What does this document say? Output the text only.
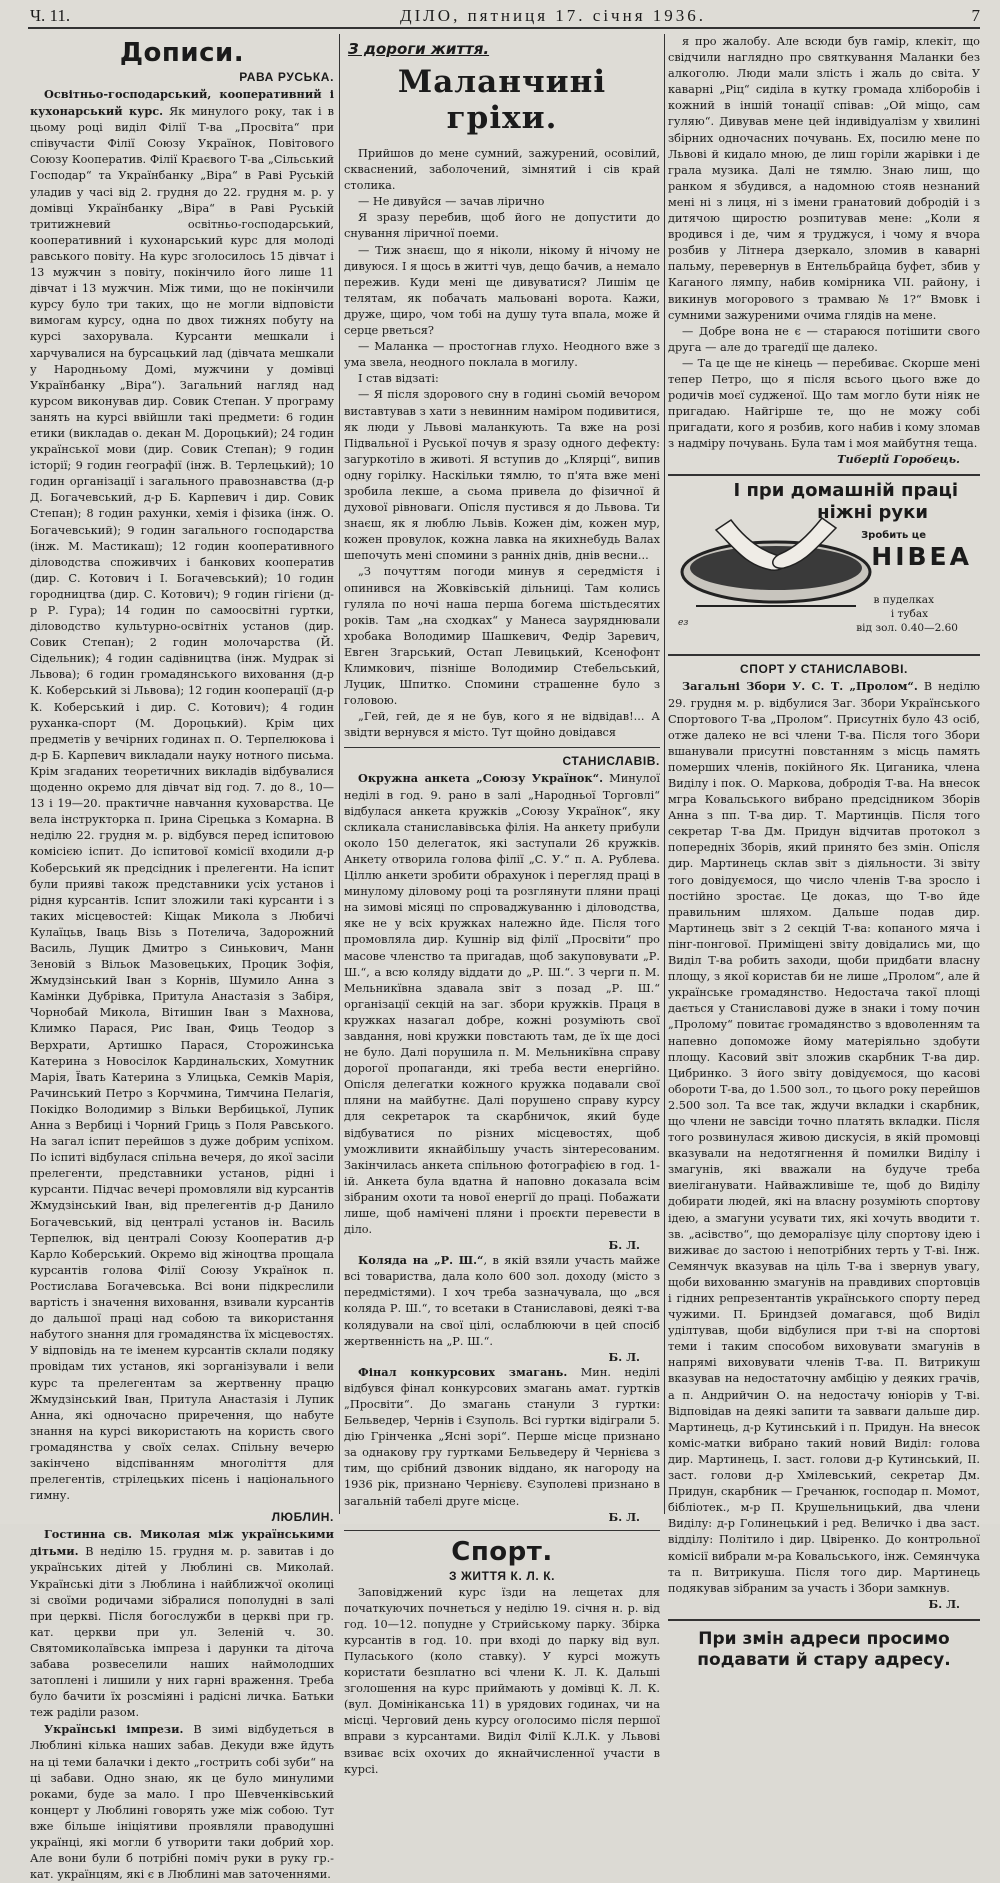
Ч. 11.	ДІЛО, пятниця 17. січня 1936.	7
Дописи.
РАВА РУСЬКА.

Освітньо-господарський, кооперативний і кухонарський курс. Як минулого року, так і в цьому році виділ Філії Т-ва „Просвіта“ при співучасти Філії Союзу Українок, Повітового Союзу Кооператив. Філії Краєвого Т-ва „Сільський Господар“ та Українбанку „Віра“ в Раві Руській уладив у часі від 2. грудня до 22. грудня м. р. у домівці Українбанку „Віра“ в Раві Руській тритижневий освітньо-господарський, кооперативний і кухонарський курс для молоді равського повіту. На курс зголосилось 15 дівчат і 13 мужчин з повіту, покінчило його лише 11 дівчат і 13 мужчин. Між тими, що не покінчили курсу було три таких, що не могли відповісти вимогам курсу, одна по двох тижнях побуту на курсі захорувала. Курсанти мешкали і харчувалися на бурсацький лад (дівчата мешкали у Народньому Домі, мужчини у домівці Українбанку „Віра“). Загальний нагляд над курсом виконував дир. Совик Степан. У програму занять на курсі ввійшли такі предмети: 6 годин етики (викладав о. декан М. Дороцький); 24 годин української мови (дир. Совик Степан); 9 годин історії; 9 годин географії (інж. В. Терлецький); 10 годин організації і загального правознавства (д-р Д. Богачевський, д-р Б. Карпевич і дир. Совик Степан); 8 годин рахунки, хемія і фізика (інж. О. Богачевський); 9 годин загального господарства (інж. М. Мастикаш); 12 годин кооперативного діловодства споживчих і банкових кооператив (дир. С. Котович і І. Богачевський); 10 годин городництва (дир. С. Котович); 9 годин гігієни (д-р Р. Гура); 14 годин по самоосвітні гуртки, діловодство культурно-освітніх установ (дир. Совик Степан); 2 годин молочарства (Й. Сідельник); 4 годин садівництва (інж. Мудрак зі Львова); 6 годин громадянського виховання (д-р К. Коберський зі Львова); 12 годин кооперації (д-р К. Коберський і дир. С. Котович); 4 годин руханка-спорт (М. Дороцький). Крім цих предметів у вечірних годинах п. О. Терпелюкова і д-р Б. Карпевич викладали науку нотного письма. Крім згаданих теоретичних викладів відбувалися щоденно окремо для дівчат від год. 7. до 8., 10—13 і 19—20. практичне навчання куховарства. Це вела інструкторка п. Ірина Сірецька з Комарна. В неділю 22. грудня м. р. відбувся перед іспитовою комісією іспит. До іспитової комісії входили д-р Коберський як предсідник і прелегенти. На іспит були прияві також представники усіх установ і рідня курсантів. Іспит зложили такі курсанти і з таких місцевостей: Кіщак Микола з Любичі Кулаїцьв, Іваць Візь з Потелича, Задорожний Василь, Лущик Дмитро з Синькович, Манн Зеновій з Вільок Мазовецьких, Процик Зофія, Жмудзінський Іван з Корнів, Шумило Анна з Камінки Дубрівка, Притула Анастазія з Забіря, Чорнобай Микола, Вітишин Іван з Махнова, Климко Парася, Рис Іван, Фиць Теодор з Верхрати, Артишко Парася, Сторожинська Катерина з Новосілок Кардинальских, Хомутник Марія, Ївать Катерина з Улицька, Семків Марія, Рачинський Петро з Корчмина, Тимчина Пелагія, Покідко Володимир з Вільки Вербицької, Лупик Анна з Вербиці і Чорний Гриць з Поля Равського. На загал іспит перейшов з дуже добрим успіхом. По іспиті відбулася спільна вечеря, до якої засіли прелегенти, представники установ, рідні і курсанти. Підчас вечері промовляли від курсантів Жмудзінський Іван, від прелегентів д-р Данило Богачевський, від централі установ ін. Василь Терпелюк, від централі Союзу Кооператив д-р Карло Коберський. Окремо від жіноцтва прощала курсантів голова Філії Союзу Українок п. Ростислава Богачевська. Всі вони підкреслили вартість і значення виховання, взивали курсантів до дальшої праці над собою та використання набутого знання для громадянства їх місцевостях. У відповідь на те іменем курсантів склали подяку провідам тих установ, які зорганізували і вели курс та прелегентам за жертвенну працю Жмудзінський Іван, Притула Анастазія і Лупик Анна, які одночасно приречення, що набуте знання на курсі використають на користь свого громадянства у своїх селах. Спільну вечерю закінчено відспіванням многоліття для прелегентів, стрілецьких пісень і національного гимну.

ЛЮБЛИН.

Гостинна св. Миколая між українськими дітьми. В неділю 15. грудня м. р. завитав і до українських дітей у Люблині св. Миколай. Українські діти з Люблина і найближчої околиці зі своїми родичами зібралися пополудні в залі при церкві. Після богослужби в церкві при гр. кат. церкви при ул. Зеленій ч. 30. Святомиколаївська імпреза і дарунки та діточа забава розвеселили наших наймолодших затоплені і лишили у них гарні враження. Треба було бачити їх розсміяні і радісні личка. Батьки теж раділи разом.

Українські імпрези. В зимі відбудеться в Люблині кілька наших забав. Декуди вже йдуть на ці теми балачки і декто „гострить собі зуби“ на ці забави. Одно знаю, як це було минулими роками, буде за мало. І про Шевченківський концерт у Люблині говорять уже між собою. Тут вже більше ініціятиви проявляли праводушні українці, які могли б утворити таки добрий хор. Але вони були б потрібні поміч руки в руку гр.-кат. українцям, які є в Люблині мав заточеннями.

З дороги життя.
Маланчині гріхи.

Прийшов до мене сумний, зажурений, осовілий, скваснений, заболочений, зімнятий і сів край столика.

— Не дивуйся — зачав лірично

Я зразу перебив, щоб його не допустити до снування ліричної поеми.

— Тиж знаєш, що я ніколи, нікому й нічому не дивуюся. І я щось в житті чув, дещо бачив, а немало пережив. Куди мені ще дивуватися? Лишім це телятам, як побачать мальовані ворота. Кажи, друже, щиро, чом тобі на душу тута впала, може й серце рветься?

— Маланка — простогнав глухо. Неодного вже з ума звела, неодного поклала в могилу.

І став відзаті:

— Я після здорового сну в годині сьомій вечором виставтував з хати з невинним наміром подивитися, як люди у Львові маланкують. Та вже на розі Підвальної і Руської почув я зразу одного дефекту: загуркотіло в животі. Я вступив до „Клярці“, випив одну горілку. Наскільки тямлю, то п'ята вже мені зробила лекше, а сьома привела до фізичної й духової рівноваги. Опісля пустився я до Львова. Ти знаєш, як я люблю Львів. Кожен дім, кожен мур, кожен провулок, кожна лавка на якихнебудь Валах шепочуть мені спомини з ранніх днів, днів весни...

„З почуттям погоди минув я середмістя і опинився на Жовківській дільниці. Там колись гуляла по ночі наша перша богема шістьдесятих років. Там „на сходках“ у Манеса зауряднювали хробака Володимир Шашкевич, Федір Заревич, Евген Згарський, Остап Левицький, Ксенофонт Климкович, пізніше Володимир Стебельський, Луцик, Шпитко. Спомини страшенне було з головою.

„Гей, гей, де я не був, кого я не відвідав!... А звідти вернувся я місто. Тут щойно довідався

СТАНИСЛАВІВ.

Окружна анкета „Союзу Українок“. Минулої неділі в год. 9. рано в залі „Народньої Торговлі“ відбулася анкета кружків „Союзу Українок“, яку скликала станиславівська філія. На анкету прибули около 150 делегаток, які заступали 26 кружків. Анкету отворила голова філії „С. У.“ п. А. Рублева. Ціллю анкети зробити обрахунок і перегляд праці в минулому діловому році та розглянути пляни праці на зимові місяці по спроваджуванню і діловодства, яке не у всіх кружках належно йде. Після того промовляла дир. Кушнір від філії „Просвіти“ про масове членство та пригадав, щоб закуповувати „Р. Ш.“, а всю коляду віддати до „Р. Ш.“. З черги п. М. Мельникївна здавала звіт з позад „Р. Ш.“ організації секцій на заг. збори кружків. Праця в кружках назагал добре, кожні розуміють свої завдання, нові кружки повстають там, де їх ще досі не було. Далі порушила п. М. Мельникївна справу дорогої пропаганди, які треба вести енергійно. Опісля делегатки кожного кружка подавали свої пляни на майбутнє. Далі порушено справу курсу для секретарок та скарбничок, який буде відбуватися по різних місцевостях, щоб уможливити якнайбільшу участь зінтересованим. Закінчилась анкета спільною фотографією в год. 1-ій. Анкета була вдатна й наповно доказала всім зібраним охоти та нової енергії до праці. Побажати лише, щоб намічені пляни і проєкти перевести в діло.

Б. Л.

Коляда на „Р. Ш.“, в якій взяли участь майже всі товариства, дала коло 600 зол. доходу (місто з передмістями). І хоч треба зазначувала, що „вся коляда Р. Ш.“, то всетаки в Станиславові, деякі т-ва колядували на свої цілі, ослаблюючи в цей спосіб жертвенність на „Р. Ш.“.

Б. Л.

Фінал конкурсових змагань. Мин. неділі відбувся фінал конкурсових змагань амат. гуртків „Просвіти“. До змагань станули 3 гуртки: Бельведер, Чернів і Єзуполь. Всі гуртки відіграли 5. дію Грінченка „Ясні зорі“. Перше місце признано за однакову гру гуртками Бельведеру й Чернієва з тим, що срібний дзвоник віддано, як нагороду на 1936 рік, признано Чернієву. Єзуполеві признано в загальній табелі друге місце.

Б. Л.

Спорт.
З ЖИТТЯ К. Л. К.

Заповіджений курс їзди на лещетах для початкуючих почнеться у неділю 19. січня н. р. від год. 10—12. попудне у Стрийському парку. Збірка курсантів в год. 10. при вході до парку від вул. Пуласького (коло ставку). У курсі можуть користати безплатно всі члени К. Л. К. Дальші зголошення на курс приймають у домівці К. Л. К. (вул. Домініканська 11) в урядових годинах, чи на місці. Черговий день курсу оголосимо після першої вправи з курсантами. Виділ Філії К.Л.К. у Львові взиває всіх охочих до якнайчисленної участи в курсі.

я про жалобу. Але всюди був гамір, клекіт, що свідчили наглядно про святкування Маланки без алкоголю. Люди мали злість і жаль до світа. У каварні „Ріц“ сиділа в кутку громада хліборобів і кожний в іншій тонації співав: „Ой міщо, сам гуляю“. Дивував мене цей індивідуалізм у хвилині збірних одночасних почувань. Ех, посилю мене по Львові й кидало мною, де лиш горіли жарівки і де грала музика. Далі не тямлю. Знаю лиш, що ранком я збудився, а надомною стояв незнаний мені ні з лиця, ні з імени гранатовий добродій і з дитячою щиростю розпитував мене: „Коли я вродився і де, чим я труджуся, і чому я вчора розбив у Літнера дзеркало, зломив в каварні пальму, перевернув в Ентельбрайца буфет, збив у Каганого лямпу, набив комірника VII. району, і викинув могорового з трамваю № 1?“ Вмовк і сумними зажуреними очима глядів на мене.

— Добре вона не є — стараюся потішити свого друга — але до трагедії ще далеко.

— Та це ще не кінець — перебиває. Скорше мені тепер Петро, що я після всього цього вже до родичів моєї судженої. Що там могло бути ніяк не пригадаю. Найгірше те, що не можу собі пригадати, кого я розбив, кого набив і кому зломав з надміру почувань. Була там і моя майбутня теща.

Тиберій Горобець.

І при домашній праці
ніжні руки
Зробить це
НІВЕА
в пуделках
і тубах
від зол. 0.40—2.60
ез
СПОРТ У СТАНИСЛАВОВІ.

Загальні Збори У. С. Т. „Пролом“. В неділю 29. грудня м. р. відбулися Заг. Збори Українського Спортового Т-ва „Пролом“. Присутніх було 43 осіб, отже далеко не всі члени Т-ва. Після того Збори вшанували присутні повстанням з місць память померших членів, покійного Як. Циганика, члена Виділу і пок. О. Маркова, добродія Т-ва. На внесок мгра Ковальського вибрано предсідником Зборів Анна з пп. Т-ва дир. Т. Мартинців. Після того секретар Т-ва Дм. Придун відчитав протокол з попередніх Зборів, який принято без змін. Опісля дир. Мартинець склав звіт з діяльности. Зі звіту того довідуємося, що число членів Т-ва зросло і постійно зростає. Це доказ, що Т-во йде правильним шляхом. Дальше подав дир. Мартинець звіт з 2 секцій Т-ва: копаного мяча і пінг-понгової. Приміщені звіту довідались ми, що Виділ Т-ва робить заходи, щоби придбати власну площу, з якої користав би не лише „Пролом“, але й українське громадянство. Недостача такої площі дається у Станиславові дуже в знаки і тому почин „Пролому“ повитає громадянство з вдоволенням та напевно допоможе йому матеріяльно здобути площу. Касовий звіт зложив скарбник Т-ва дир. Цибринко. З його звіту довідуємося, що касові обороти Т-ва, до 1.500 зол., то цього року перейшов 2.500 зол. Та все так, ждучи вкладки і скарбник, що члени не завсіди точно платять вкладки. Після того розвинулася живою дискусія, в якій промовці вказували на недотягнення й помилки Виділу і змагунів, які вважали на будуче треба виеліганувати. Найважливіше те, щоб до Виділу добирати людей, які на власну розуміють спортову ідею, а змагуни усувати тих, які хочуть вводити т. зв. „асівство“, що деморалізує цілу спортову ідею і виживає до застою і непотрібних терть у Т-ві. Інж. Семянчук вказував на ціль Т-ва і звернув увагу, щоби вихованню змагунів на правдивих спортовців і гідних репрезентантів українського спорту перед чужими. П. Бриндзей домагався, щоб Виділ уділтував, щоби відбулися при т-ві на спортові теми і таким способом виховувати змагунів в напрямі виховувати членів Т-ва. П. Витрикуш вказував на недостаточну амбіцію у деяких грачів, а п. Андрийчин О. на недостачу юніорів у Т-ві. Відповідав на деякі запити та завваги дальше дир. Мартинець, д-р Кутинський і п. Придун. На внесок коміс-матки вибрано такий новий Виділ: голова дир. Мартинець, I. заст. голови д-р Кутинський, II. заст. голови д-р Хмілевський, секретар Дм. Придун, скарбник — Гречанюк, господар п. Момот, бібліотек., м-р П. Крушельницький, два члени Виділу: д-р Голинецький і ред. Величко і два заст. відділу: Політило і дир. Цвіренко. До контрольної комісії вибрали м-ра Ковальського, інж. Семянчука та п. Витрикуша. Після того дир. Мартинець подякував зібраним за участь і Збори замкнув.

Б. Л.

При змін адреси просимо подавати й стару адресу.
